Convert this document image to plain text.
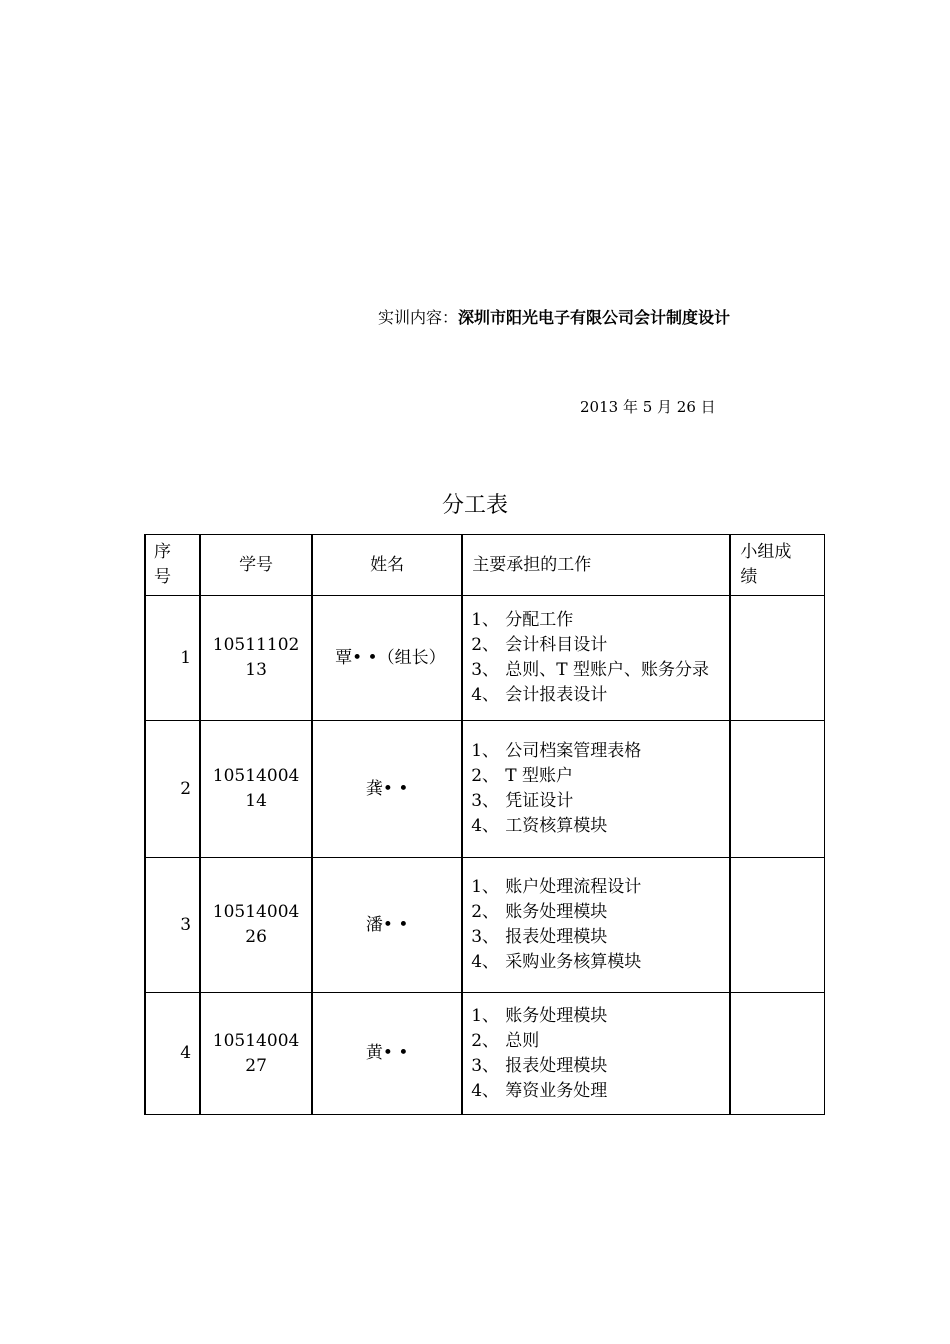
实训内容：深圳市阳光电子有限公司会计制度设计
2013 年 5 月 26 日
分工表
序号	学号	姓名	主要承担的工作	小组成绩
1	1051110213	覃• •（组长）	1、 分配工作
2、 会计科目设计
3、 总则、T 型账户、账务分录
4、 会计报表设计	

2	1051400414	龚• •	1、 公司档案管理表格
2、 T 型账户
3、 凭证设计
4、 工资核算模块	

3	1051400426	潘• •	1、 账户处理流程设计
2、 账务处理模块
3、 报表处理模块
4、 采购业务核算模块	

4	1051400427	黄• •	1、 账务处理模块
2、 总则
3、 报表处理模块
4、 筹资业务处理	
